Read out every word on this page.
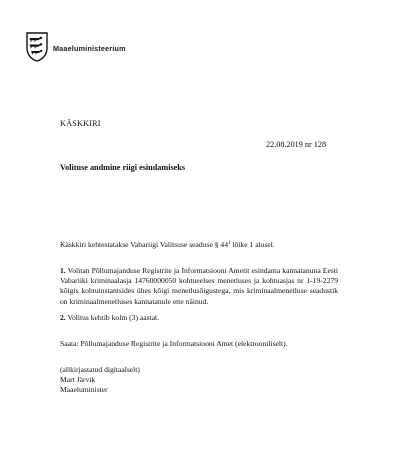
Maaeluministeerium
KÄSKKIRI
22.08.2019 nr 128
Volituse andmine riigi esindamiseks
Käskkiri kehtestatakse Vabariigi Valitsuse seaduse § $44^1$ lõike 1 alusel.
1. Volitan Põllumajanduse Registrite ja Informatsiooni Ametit esindama kannatanuna Eesti Vabariiki kriminaalasja 14760000050 kohtueelses menetluses ja kohtuasjas nr 1-19-2279 kõigis kohtuinstantsides ühes kõigi menetlusõigustega, mis kriminaalmenetluse seadustik on kriminaalmenetluses kannatanule ette näinud.
2. Volitus kehtib kolm (3) aastat.
Saata: Põllumajanduse Registrite ja Informatsiooni Amet (elektrooniliselt).
(allkirjastatud digitaalselt)
Mart Järvik
Maaeluminister
